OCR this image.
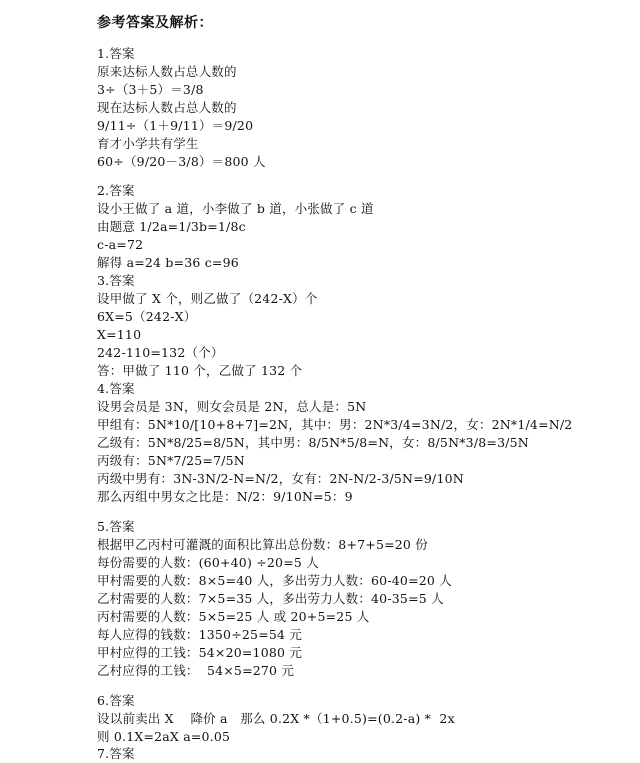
参考答案及解析：
1.答案
原来达标人数占总人数的
3÷（3＋5）＝3/8
现在达标人数占总人数的
9/11÷（1＋9/11）＝9/20
育才小学共有学生
60÷（9/20－3/8）＝800 人
2.答案
设小王做了 a 道，小李做了 b 道，小张做了 c 道
由题意 1/2a=1/3b=1/8c
c-a=72
解得 a=24 b=36 c=96
3.答案
设甲做了 X 个，则乙做了（242-X）个
6X=5（242-X）
X=110
242-110=132（个）
答：甲做了 110 个，乙做了 132 个
4.答案
设男会员是 3N，则女会员是 2N，总人是：5N
甲组有：5N*10/[10+8+7]=2N，其中：男：2N*3/4=3N/2，女：2N*1/4=N/2
乙级有：5N*8/25=8/5N，其中男：8/5N*5/8=N，女：8/5N*3/8=3/5N
丙级有：5N*7/25=7/5N
丙级中男有：3N-3N/2-N=N/2，女有：2N-N/2-3/5N=9/10N
那么丙组中男女之比是：N/2：9/10N=5：9
5.答案
根据甲乙丙村可灌溉的面积比算出总份数：8+7+5=20 份
每份需要的人数：(60+40) ÷20=5 人
甲村需要的人数：8×5=40 人，多出劳力人数：60-40=20 人
乙村需要的人数：7×5=35 人，多出劳力人数：40-35=5 人
丙村需要的人数：5×5=25 人 或 20+5=25 人
每人应得的钱数：1350÷25=54 元
甲村应得的工钱：54×20=1080 元
乙村应得的工钱：  54×5=270 元
6.答案
设以前卖出 X    降价 a   那么 0.2X *（1+0.5)=(0.2-a) *  2x
则 0.1X=2aX a=0.05
7.答案
